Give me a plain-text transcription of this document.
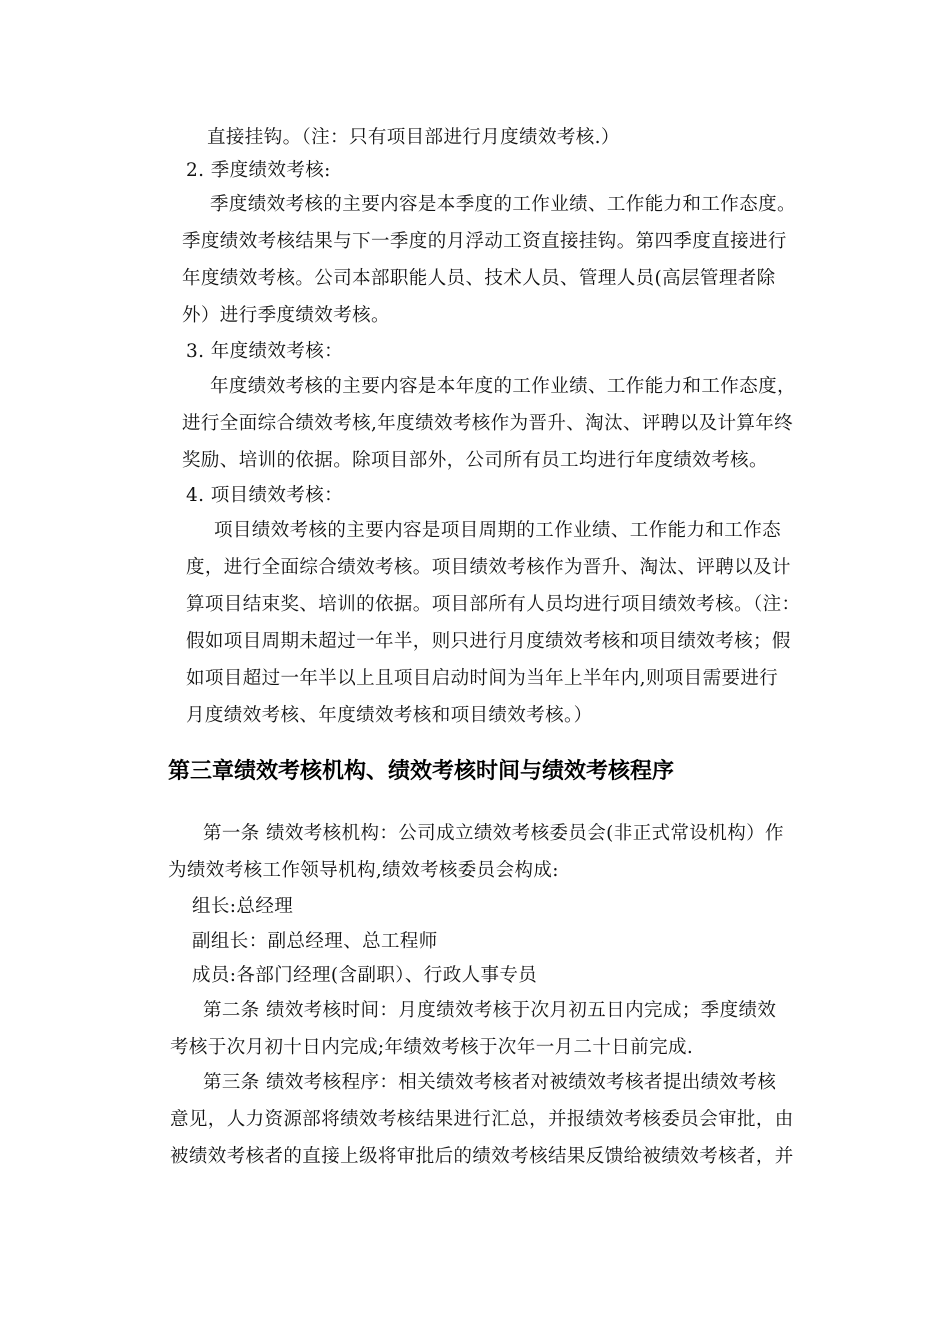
直接挂钩。（注：只有项目部进行月度绩效考核.）

2. 季度绩效考核:

季度绩效考核的主要内容是本季度的工作业绩、工作能力和工作态度。

季度绩效考核结果与下一季度的月浮动工资直接挂钩。第四季度直接进行

年度绩效考核。公司本部职能人员、技术人员、管理人员(高层管理者除

外）进行季度绩效考核。

3. 年度绩效考核：

年度绩效考核的主要内容是本年度的工作业绩、工作能力和工作态度，

进行全面综合绩效考核,年度绩效考核作为晋升、淘汰、评聘以及计算年终

奖励、培训的依据。除项目部外，公司所有员工均进行年度绩效考核。

4. 项目绩效考核：

项目绩效考核的主要内容是项目周期的工作业绩、工作能力和工作态

度，进行全面综合绩效考核。项目绩效考核作为晋升、淘汰、评聘以及计

算项目结束奖、培训的依据。项目部所有人员均进行项目绩效考核。（注：

假如项目周期未超过一年半，则只进行月度绩效考核和项目绩效考核；假

如项目超过一年半以上且项目启动时间为当年上半年内,则项目需要进行

月度绩效考核、年度绩效考核和项目绩效考核。）

第三章绩效考核机构、绩效考核时间与绩效考核程序

第一条 绩效考核机构：公司成立绩效考核委员会(非正式常设机构）作

为绩效考核工作领导机构,绩效考核委员会构成:

组长:总经理

副组长：副总经理、总工程师

成员:各部门经理(含副职）、行政人事专员

第二条 绩效考核时间：月度绩效考核于次月初五日内完成；季度绩效

考核于次月初十日内完成;年绩效考核于次年一月二十日前完成.

第三条 绩效考核程序：相关绩效考核者对被绩效考核者提出绩效考核

意见，人力资源部将绩效考核结果进行汇总，并报绩效考核委员会审批，由

被绩效考核者的直接上级将审批后的绩效考核结果反馈给被绩效考核者，并
